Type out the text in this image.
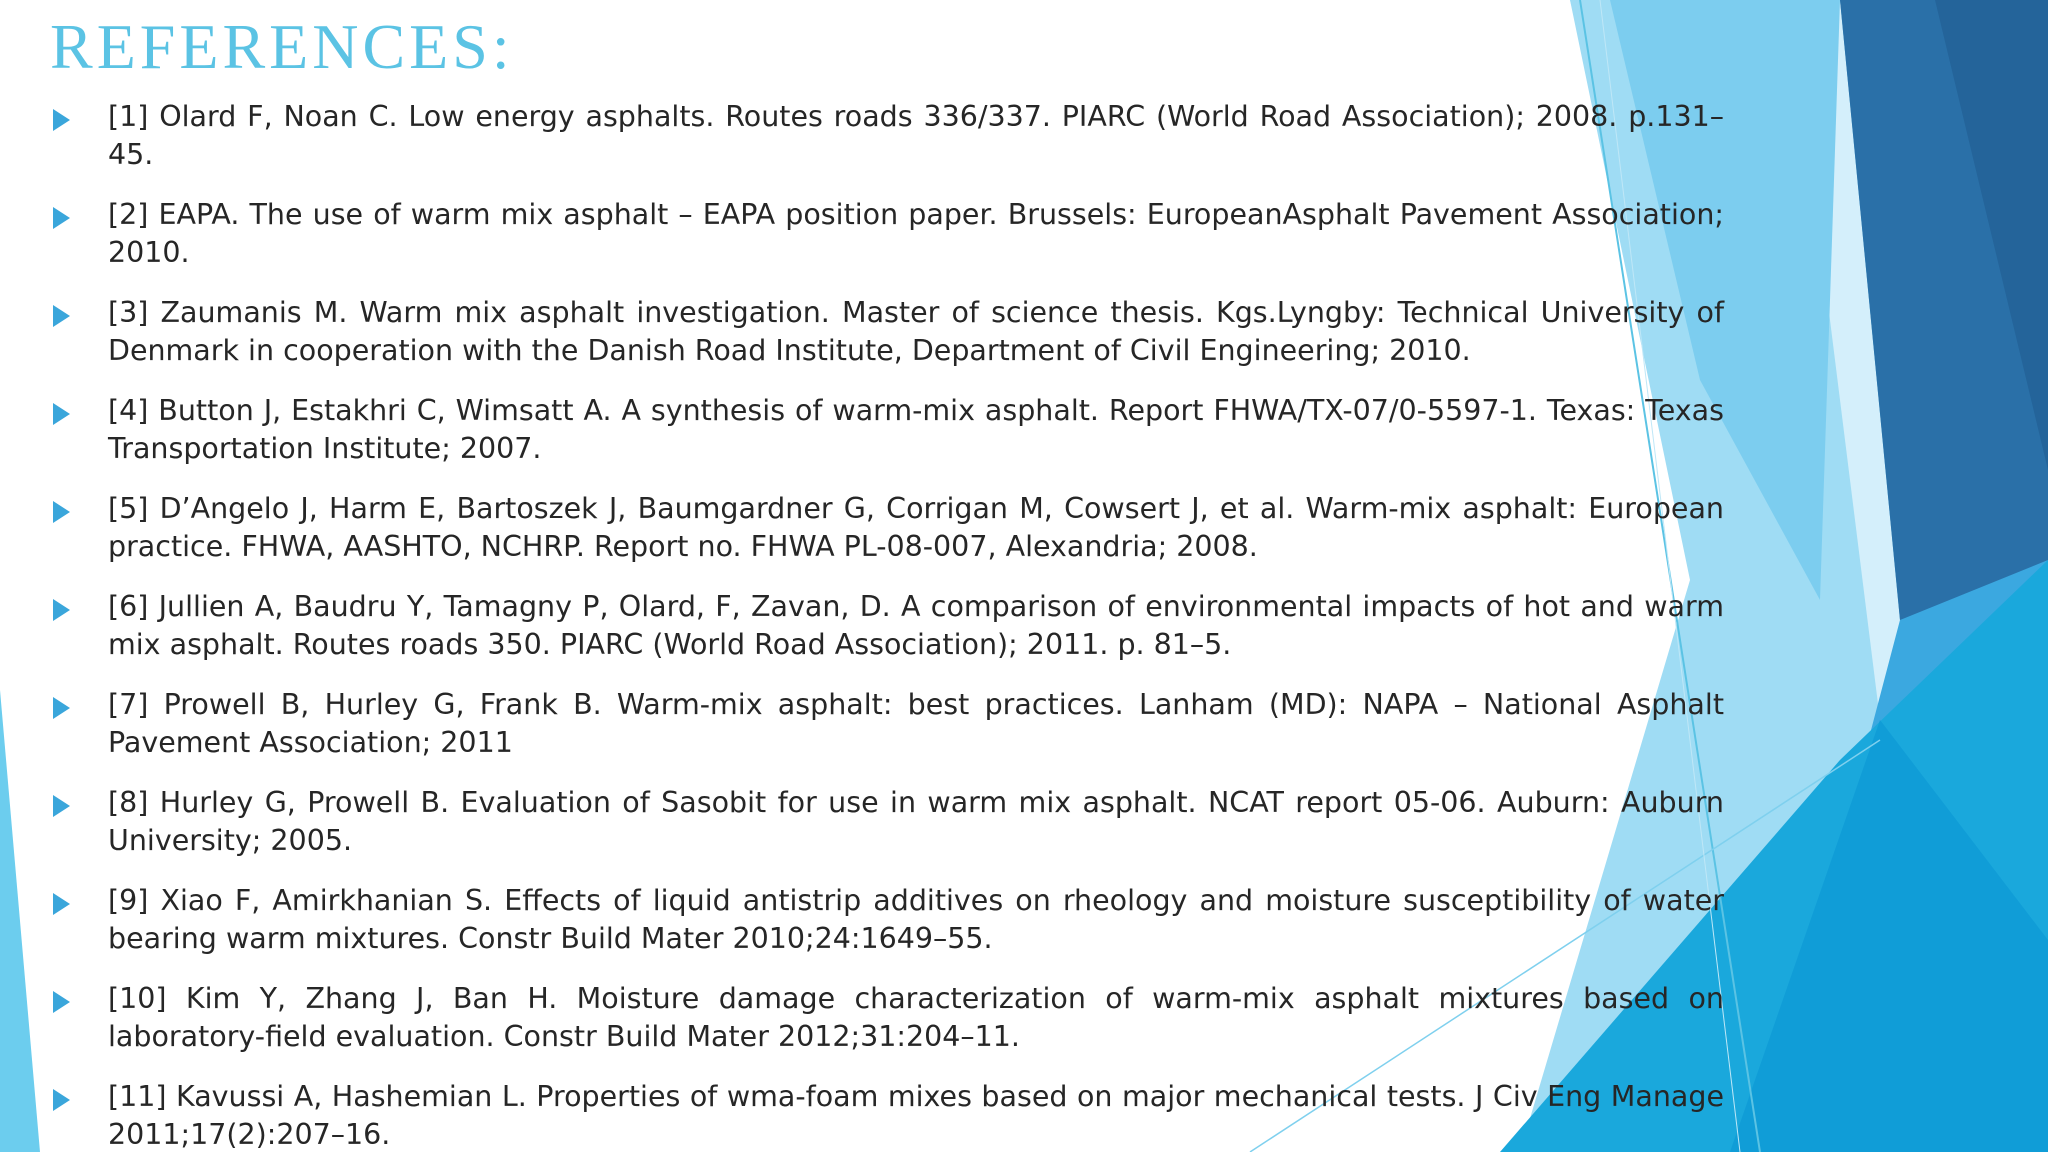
REFERENCES:

[1] Olard F, Noan C. Low energy asphalts. Routes roads 336/337. PIARC (World Road Association); 2008. p.131–45.

[2] EAPA. The use of warm mix asphalt – EAPA position paper. Brussels: EuropeanAsphalt Pavement Association; 2010.

[3] Zaumanis M. Warm mix asphalt investigation. Master of science thesis. Kgs.Lyngby: Technical University of Denmark in cooperation with the Danish Road Institute, Department of Civil Engineering; 2010.

[4] Button J, Estakhri C, Wimsatt A. A synthesis of warm-mix asphalt. Report FHWA/TX-07/0-5597-1. Texas: Texas Transportation Institute; 2007.

[5] D’Angelo J, Harm E, Bartoszek J, Baumgardner G, Corrigan M, Cowsert J, et al. Warm-mix asphalt: European practice. FHWA, AASHTO, NCHRP. Report no. FHWA PL-08-007, Alexandria; 2008.

[6] Jullien A, Baudru Y, Tamagny P, Olard, F, Zavan, D. A comparison of environmental impacts of hot and warm mix asphalt. Routes roads 350. PIARC (World Road Association); 2011. p. 81–5.

[7] Prowell B, Hurley G, Frank B. Warm-mix asphalt: best practices. Lanham (MD): NAPA – National Asphalt Pavement Association; 2011

[8] Hurley G, Prowell B. Evaluation of Sasobit for use in warm mix asphalt. NCAT report 05-06. Auburn: Auburn University; 2005.

[9] Xiao F, Amirkhanian S. Effects of liquid antistrip additives on rheology and moisture susceptibility of water bearing warm mixtures. Constr Build Mater 2010;24:1649–55.

[10] Kim Y, Zhang J, Ban H. Moisture damage characterization of warm-mix asphalt mixtures based on laboratory-field evaluation. Constr Build Mater 2012;31:204–11.

[11] Kavussi A, Hashemian L. Properties of wma-foam mixes based on major mechanical tests. J Civ Eng Manage 2011;17(2):207–16.
